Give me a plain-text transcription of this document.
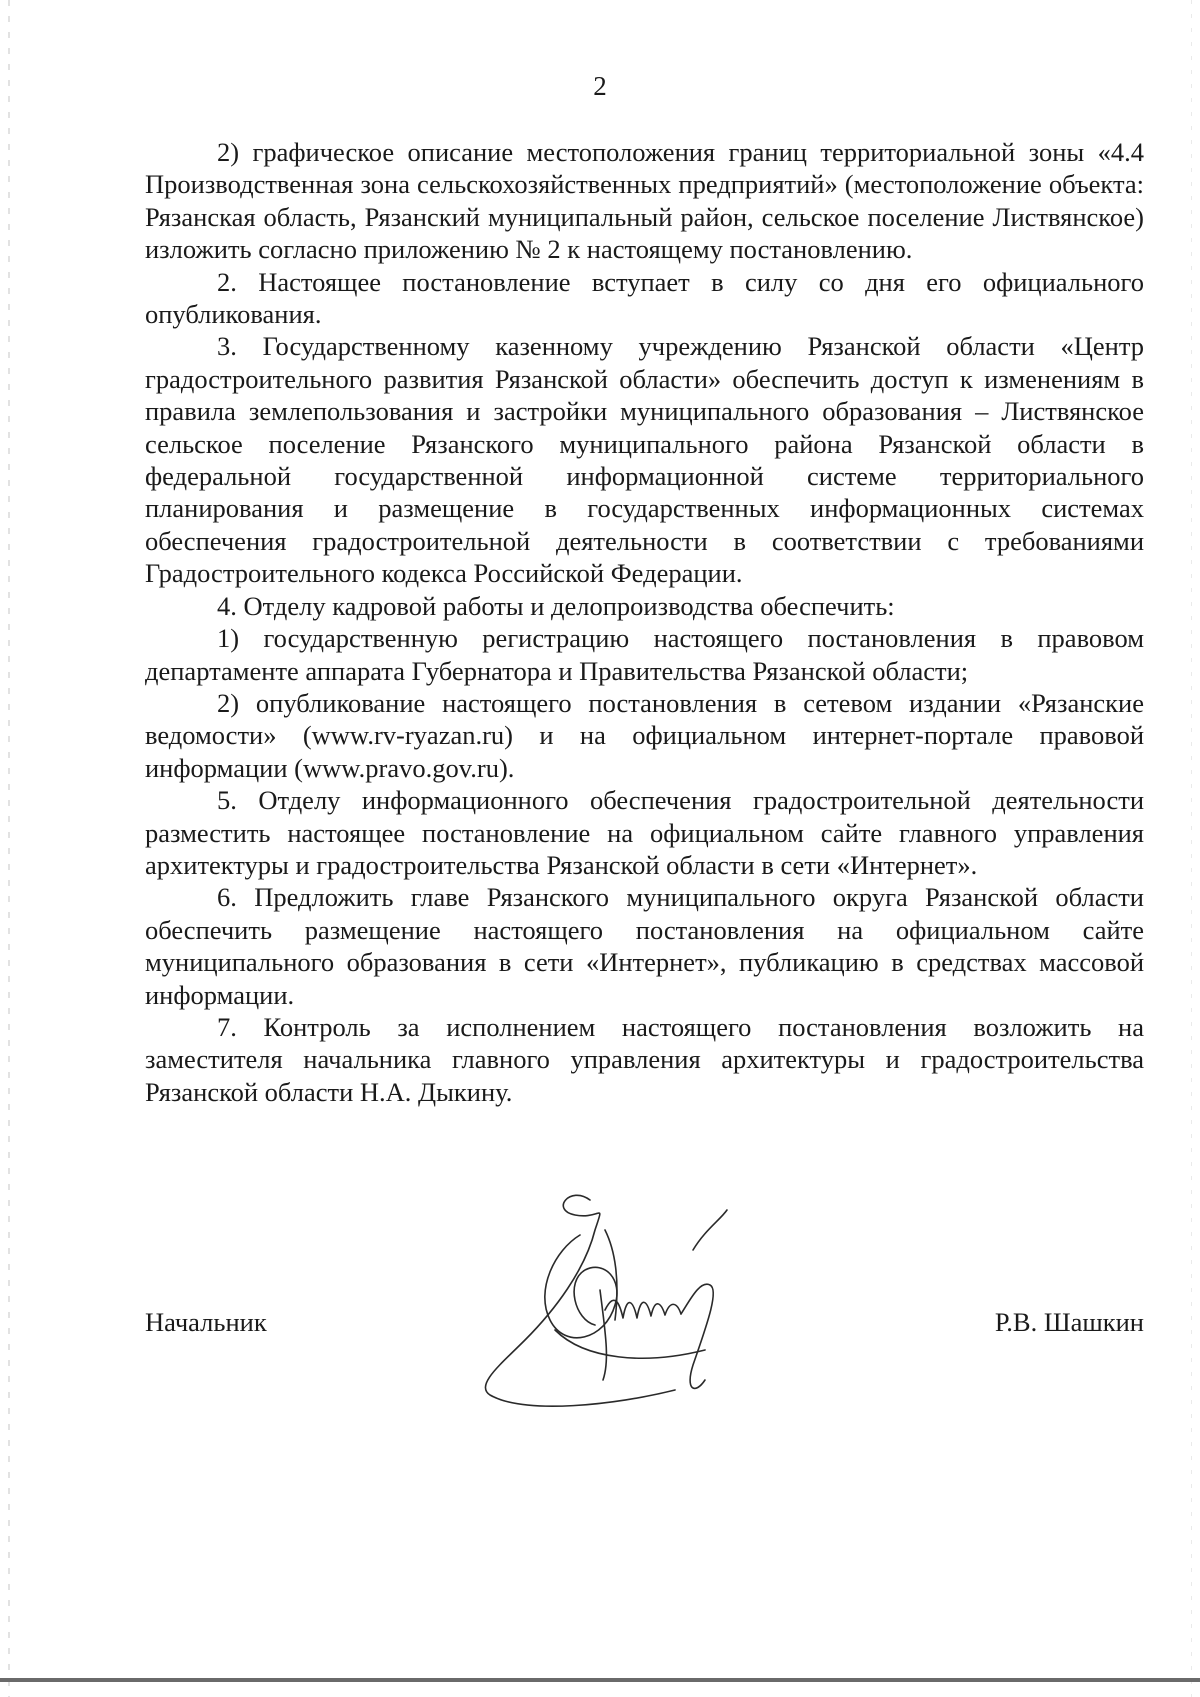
2

2) графическое описание местоположения границ территориальной зоны «4.4 Производственная зона сельскохозяйственных предприятий» (местоположение объекта: Рязанская область, Рязанский муниципальный район, сельское поселение Листвянское) изложить согласно приложению № 2 к настоящему постановлению.

2. Настоящее постановление вступает в силу со дня его официального опубликования.

3. Государственному казенному учреждению Рязанской области «Центр градостроительного развития Рязанской области» обеспечить доступ к изменениям в правила землепользования и застройки муниципального образования – Листвянское сельское поселение Рязанского муниципального района Рязанской области в федеральной государственной информационной системе территориального планирования и размещение в государственных информационных системах обеспечения градостроительной деятельности в соответствии с требованиями Градостроительного кодекса Российской Федерации.

4. Отделу кадровой работы и делопроизводства обеспечить:

1) государственную регистрацию настоящего постановления в правовом департаменте аппарата Губернатора и Правительства Рязанской области;

2) опубликование настоящего постановления в сетевом издании «Рязанские ведомости» (www.rv-ryazan.ru) и на официальном интернет-портале правовой информации (www.pravo.gov.ru).

5. Отделу информационного обеспечения градостроительной деятельности разместить настоящее постановление на официальном сайте главного управления архитектуры и градостроительства Рязанской области в сети «Интернет».

6. Предложить главе Рязанского муниципального округа Рязанской области обеспечить размещение настоящего постановления на официальном сайте муниципального образования в сети «Интернет», публикацию в средствах массовой информации.

7. Контроль за исполнением настоящего постановления возложить на заместителя начальника главного управления архитектуры и градостроительства Рязанской области Н.А. Дыкину.

Начальник	Р.В. Шашкин
